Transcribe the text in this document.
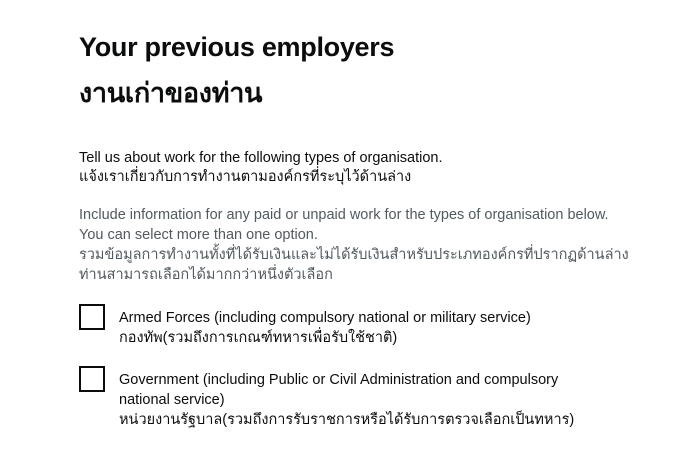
Your previous employers
งานเก่าของท่าน
Tell us about work for the following types of organisation.
แจ้งเราเกี่ยวกับการทำงานตามองค์กรที่ระบุไว้ด้านล่าง
Include information for any paid or unpaid work for the types of organisation below.
You can select more than one option.
รวมข้อมูลการทำงานทั้งที่ได้รับเงินและไม่ได้รับเงินสำหรับประเภทองค์กรที่ปรากฏด้านล่าง
ท่านสามารถเลือกได้มากกว่าหนึ่งตัวเลือก
Armed Forces (including compulsory national or military service)
กองทัพ(รวมถึงการเกณฑ์ทหารเพื่อรับใช้ชาติ)
Government (including Public or Civil Administration and compulsory national service)
หน่วยงานรัฐบาล(รวมถึงการรับราชการหรือได้รับการตรวจเลือกเป็นทหาร)
